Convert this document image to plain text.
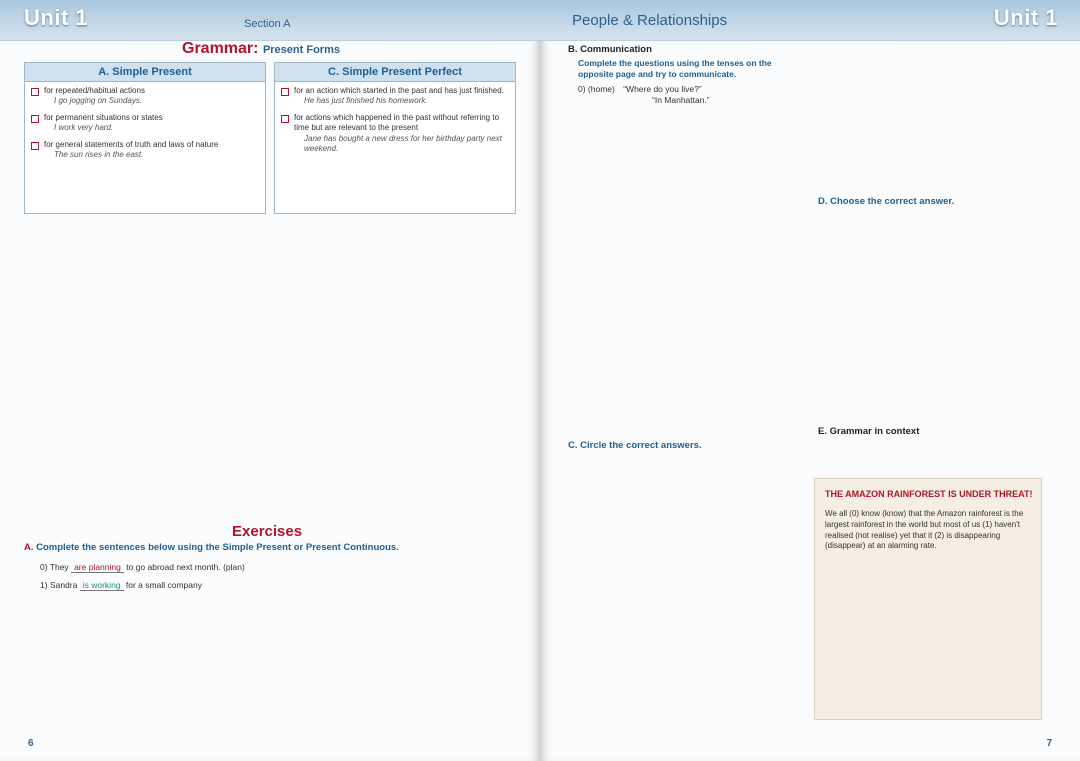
Unit 1	Section A
Grammar: Present Forms
A. Simple Present
for repeated/habitual actions
I go jogging on Sundays.
for permanent situations or states
I work very hard.
for general statements of truth and laws of nature
The sun rises in the east.
C. Simple Present Perfect
for an action which started in the past and has just finished.
He has just finished his homework.
for actions which happened in the past without referring to time but are relevant to the present
Jane has bought a new dress for her birthday party next weekend.
Exercises
A. Complete the sentences below using the Simple Present or Present Continuous.
0) They are planning to go abroad next month. (plan)
1) Sandra is working for a small company
6
People & Relationships	Unit 1
B. Communication
Complete the questions using the tenses on the opposite page and try to communicate.
0) (home) “Where do you live?”
“In Manhattan.”
C. Circle the correct answers.
D. Choose the correct answer.
E. Grammar in context
THE AMAZON RAINFOREST IS UNDER THREAT!
We all (0) know (know) that the Amazon rainforest is the largest rainforest in the world but most of us (1) haven't realised (not realise) yet that it (2) is disappearing (disappear) at an alarming rate.
7
